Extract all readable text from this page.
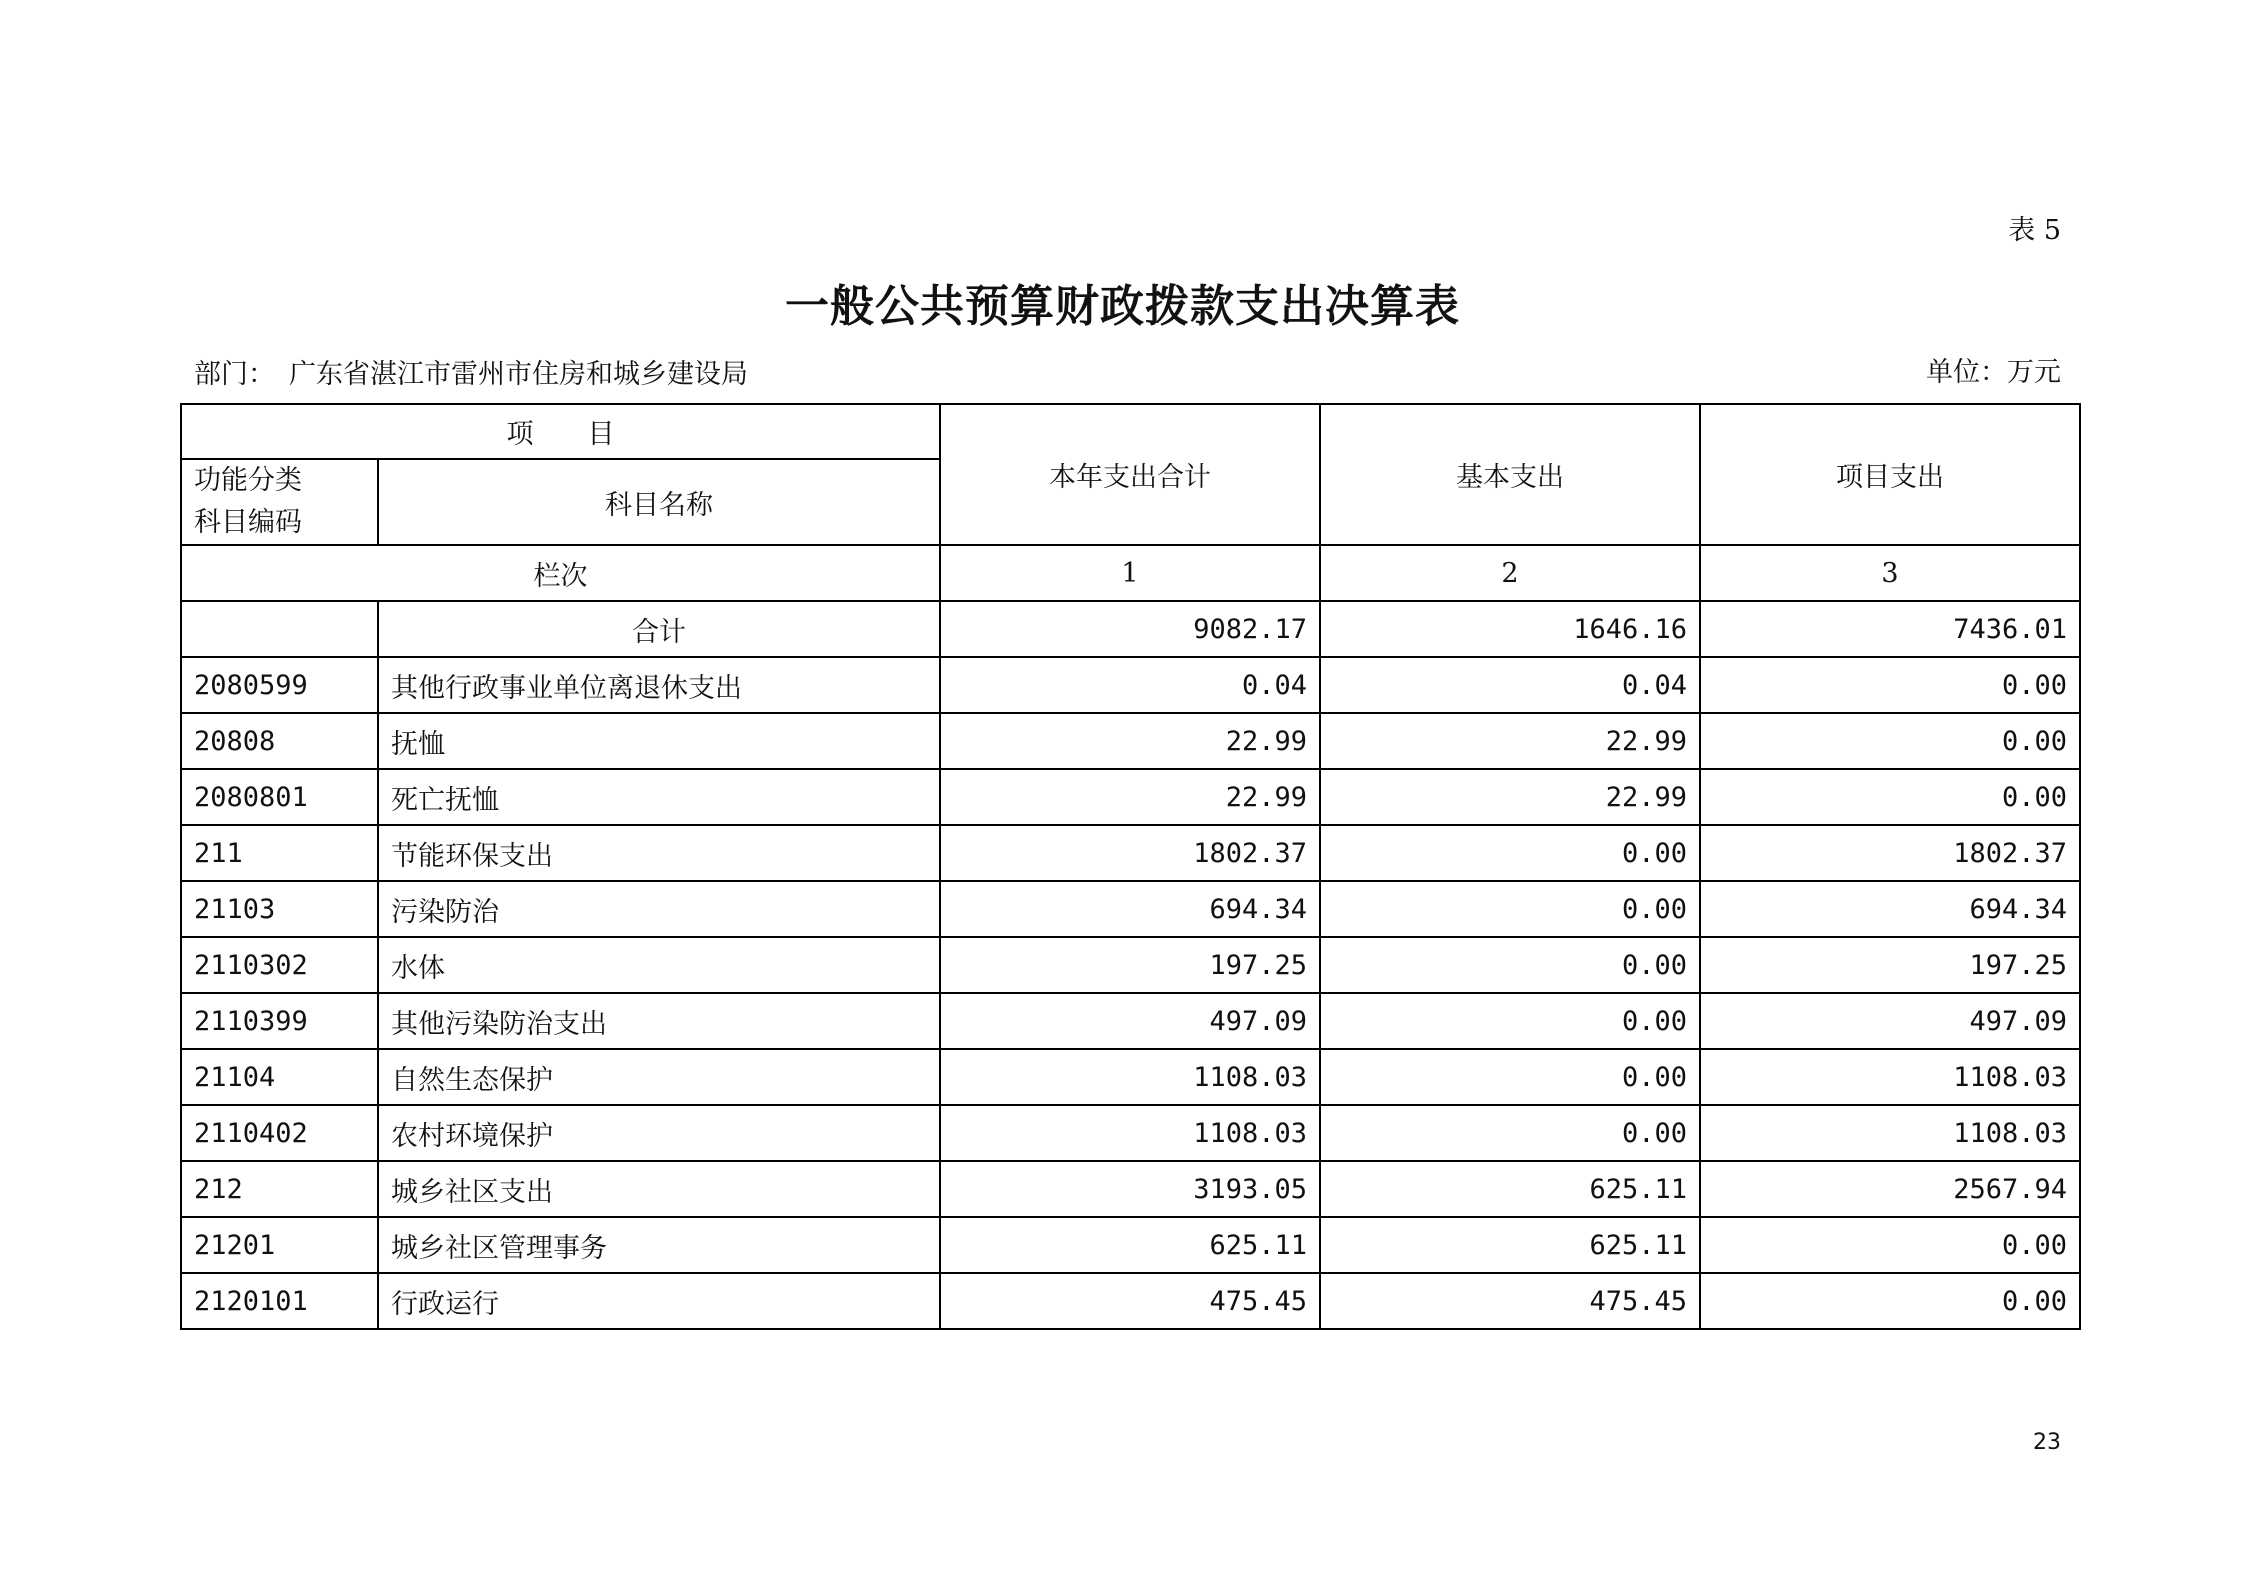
表 5
一般公共预算财政拨款支出决算表
部门： 广东省湛江市雷州市住房和城乡建设局	单位：万元
项　　目		本年支出合计	基本支出	项目支出
功能分类
科目编码	科目名称			
栏次		1	2	3
	合计	9082.17	1646.16	7436.01
2080599	其他行政事业单位离退休支出	0.04	0.04	0.00
20808	抚恤	22.99	22.99	0.00
2080801	死亡抚恤	22.99	22.99	0.00
211	节能环保支出	1802.37	0.00	1802.37
21103	污染防治	694.34	0.00	694.34
2110302	水体	197.25	0.00	197.25
2110399	其他污染防治支出	497.09	0.00	497.09
21104	自然生态保护	1108.03	0.00	1108.03
2110402	农村环境保护	1108.03	0.00	1108.03
212	城乡社区支出	3193.05	625.11	2567.94
21201	城乡社区管理事务	625.11	625.11	0.00
2120101	行政运行	475.45	475.45	0.00
23
